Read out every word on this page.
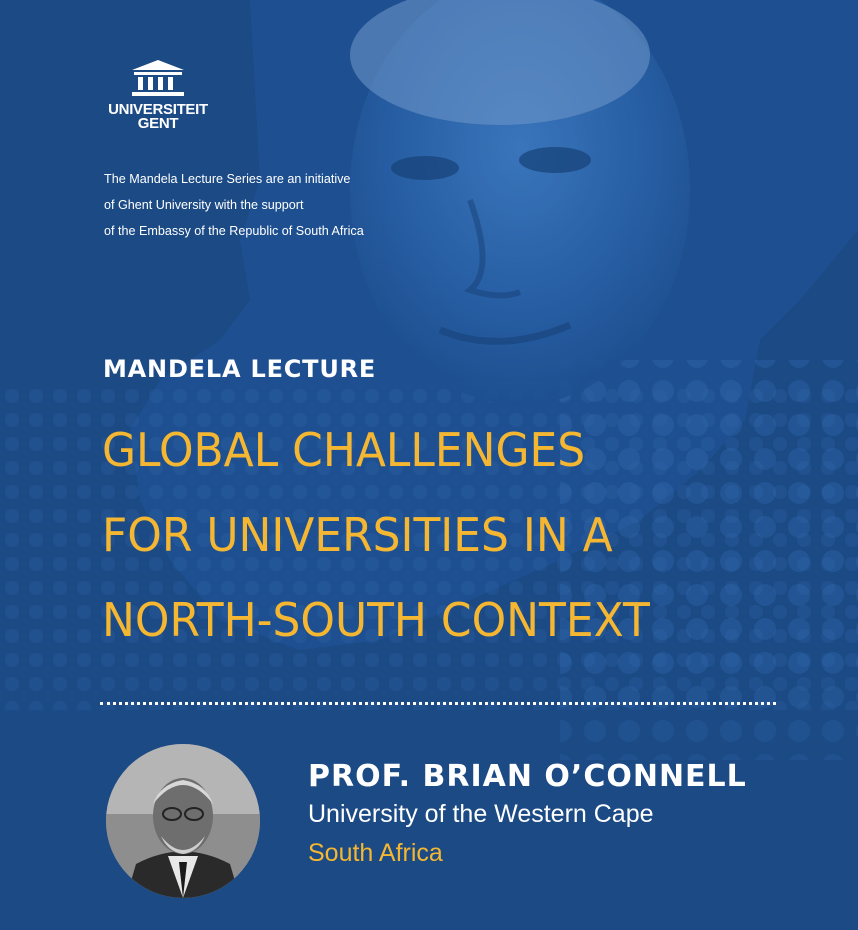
UNIVERSITEIT
GENT
The Mandela Lecture Series are an initiative
of Ghent University with the support
of the Embassy of the Republic of South Africa
MANDELA LECTURE
GLOBAL CHALLENGES
FOR UNIVERSITIES IN A
NORTH-SOUTH CONTEXT
PROF. BRIAN O’CONNELL
University of the Western Cape
South Africa
